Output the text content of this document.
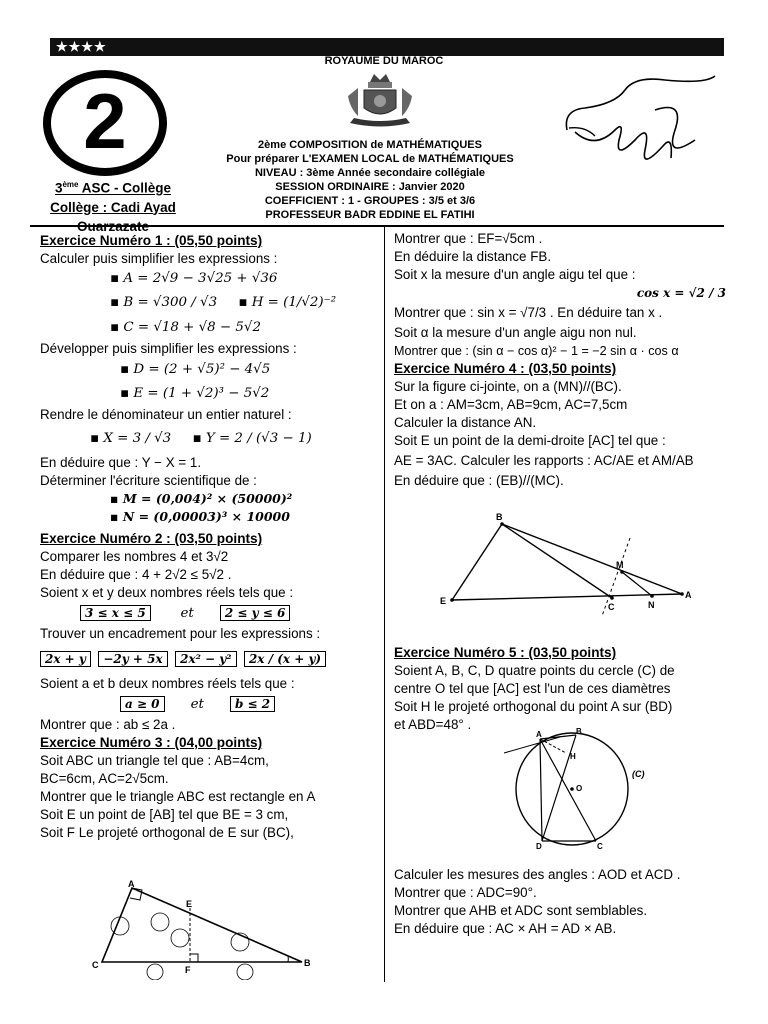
★★★★
ROYAUME DU MAROC
2	2ème COMPOSITION de MATHÉMATIQUES
Pour préparer L'EXAMEN LOCAL de MATHÉMATIQUES
NIVEAU : 3ème Année secondaire collégiale
SESSION ORDINAIRE : Janvier 2020
COEFFICIENT : 1 - GROUPES : 3/5 et 3/6
PROFESSEUR BADR EDDINE EL FATIHI
3ème ASC - Collège
Collège : Cadi Ayad

Exercice Numéro 1 : (05,50 points)

Calculer puis simplifier les expressions :

▪ A = 2√9 − 3√25 + √36

▪ B = √300 / √3     ▪ H = (1/√2)⁻²

▪ C = √18 + √8 − 5√2

Développer puis simplifier les expressions :

▪ D = (2 + √5)² − 4√5

▪ E = (1 + √2)³ − 5√2

Rendre le dénominateur un entier naturel :

▪ X = 3 / √3     ▪ Y = 2 / (√3 − 1)

En déduire que : Y − X = 1.

Déterminer l'écriture scientifique de :

▪ M = (0,004)² × (50000)²

▪ N = (0,00003)³ × 10000

Exercice Numéro 2 : (03,50 points)

Comparer les nombres 4 et 3√2

En déduire que : 4 + 2√2 ≤ 5√2 .

Soient x et y deux nombres réels tels que :

3 ≤ x ≤ 5	et	2 ≤ y ≤ 6

Trouver un encadrement pour les expressions :

2x + y −2y + 5x 2x² − y² 2x / (x + y)

Soient a et b deux nombres réels tels que :

a ≥ 0 et	b ≤ 2

Montrer que : ab ≤ 2a .

Exercice Numéro 3 : (04,00 points)

Soit ABC un triangle tel que : AB=4cm,

BC=6cm, AC=2√5cm.

Montrer que le triangle ABC est rectangle en A

Soit E un point de [AB] tel que BE = 3 cm,

Soit F Le projeté orthogonal de E sur (BC),

A
C	B
E
F

Montrer que : EF=√5cm .

En déduire la distance FB.

Soit x la mesure d'un angle aigu tel que :

cos x = √2 / 3

Montrer que : sin x = √7/3 . En déduire tan x .

Soit α la mesure d'un angle aigu non nul.

Montrer que : (sin α − cos α)² − 1 = −2 sin α · cos α

Exercice Numéro 4 : (03,50 points)

Sur la figure ci-jointe, on a (MN)//(BC).

Et on a : AM=3cm, AB=9cm, AC=7,5cm

Calculer la distance AN.

Soit E un point de la demi-droite [AC] tel que :

AE = 3AC. Calculer les rapports : AC/AE et AM/AB

En déduire que : (EB)//(MC).

B
E
C	N
A
M

Exercice Numéro 5 : (03,50 points)

Soient A, B, C, D quatre points du cercle (C) de

centre O tel que [AC] est l'un de ces diamètres

Soit H le projeté orthogonal du point A sur (BD)

et ABD=48° .

A	B
H
O
D	C
(C)

Calculer les mesures des angles : AOD et ACD .

Montrer que : ADC=90°.

Montrer que AHB et ADC sont semblables.

En déduire que : AC × AH = AD × AB.
